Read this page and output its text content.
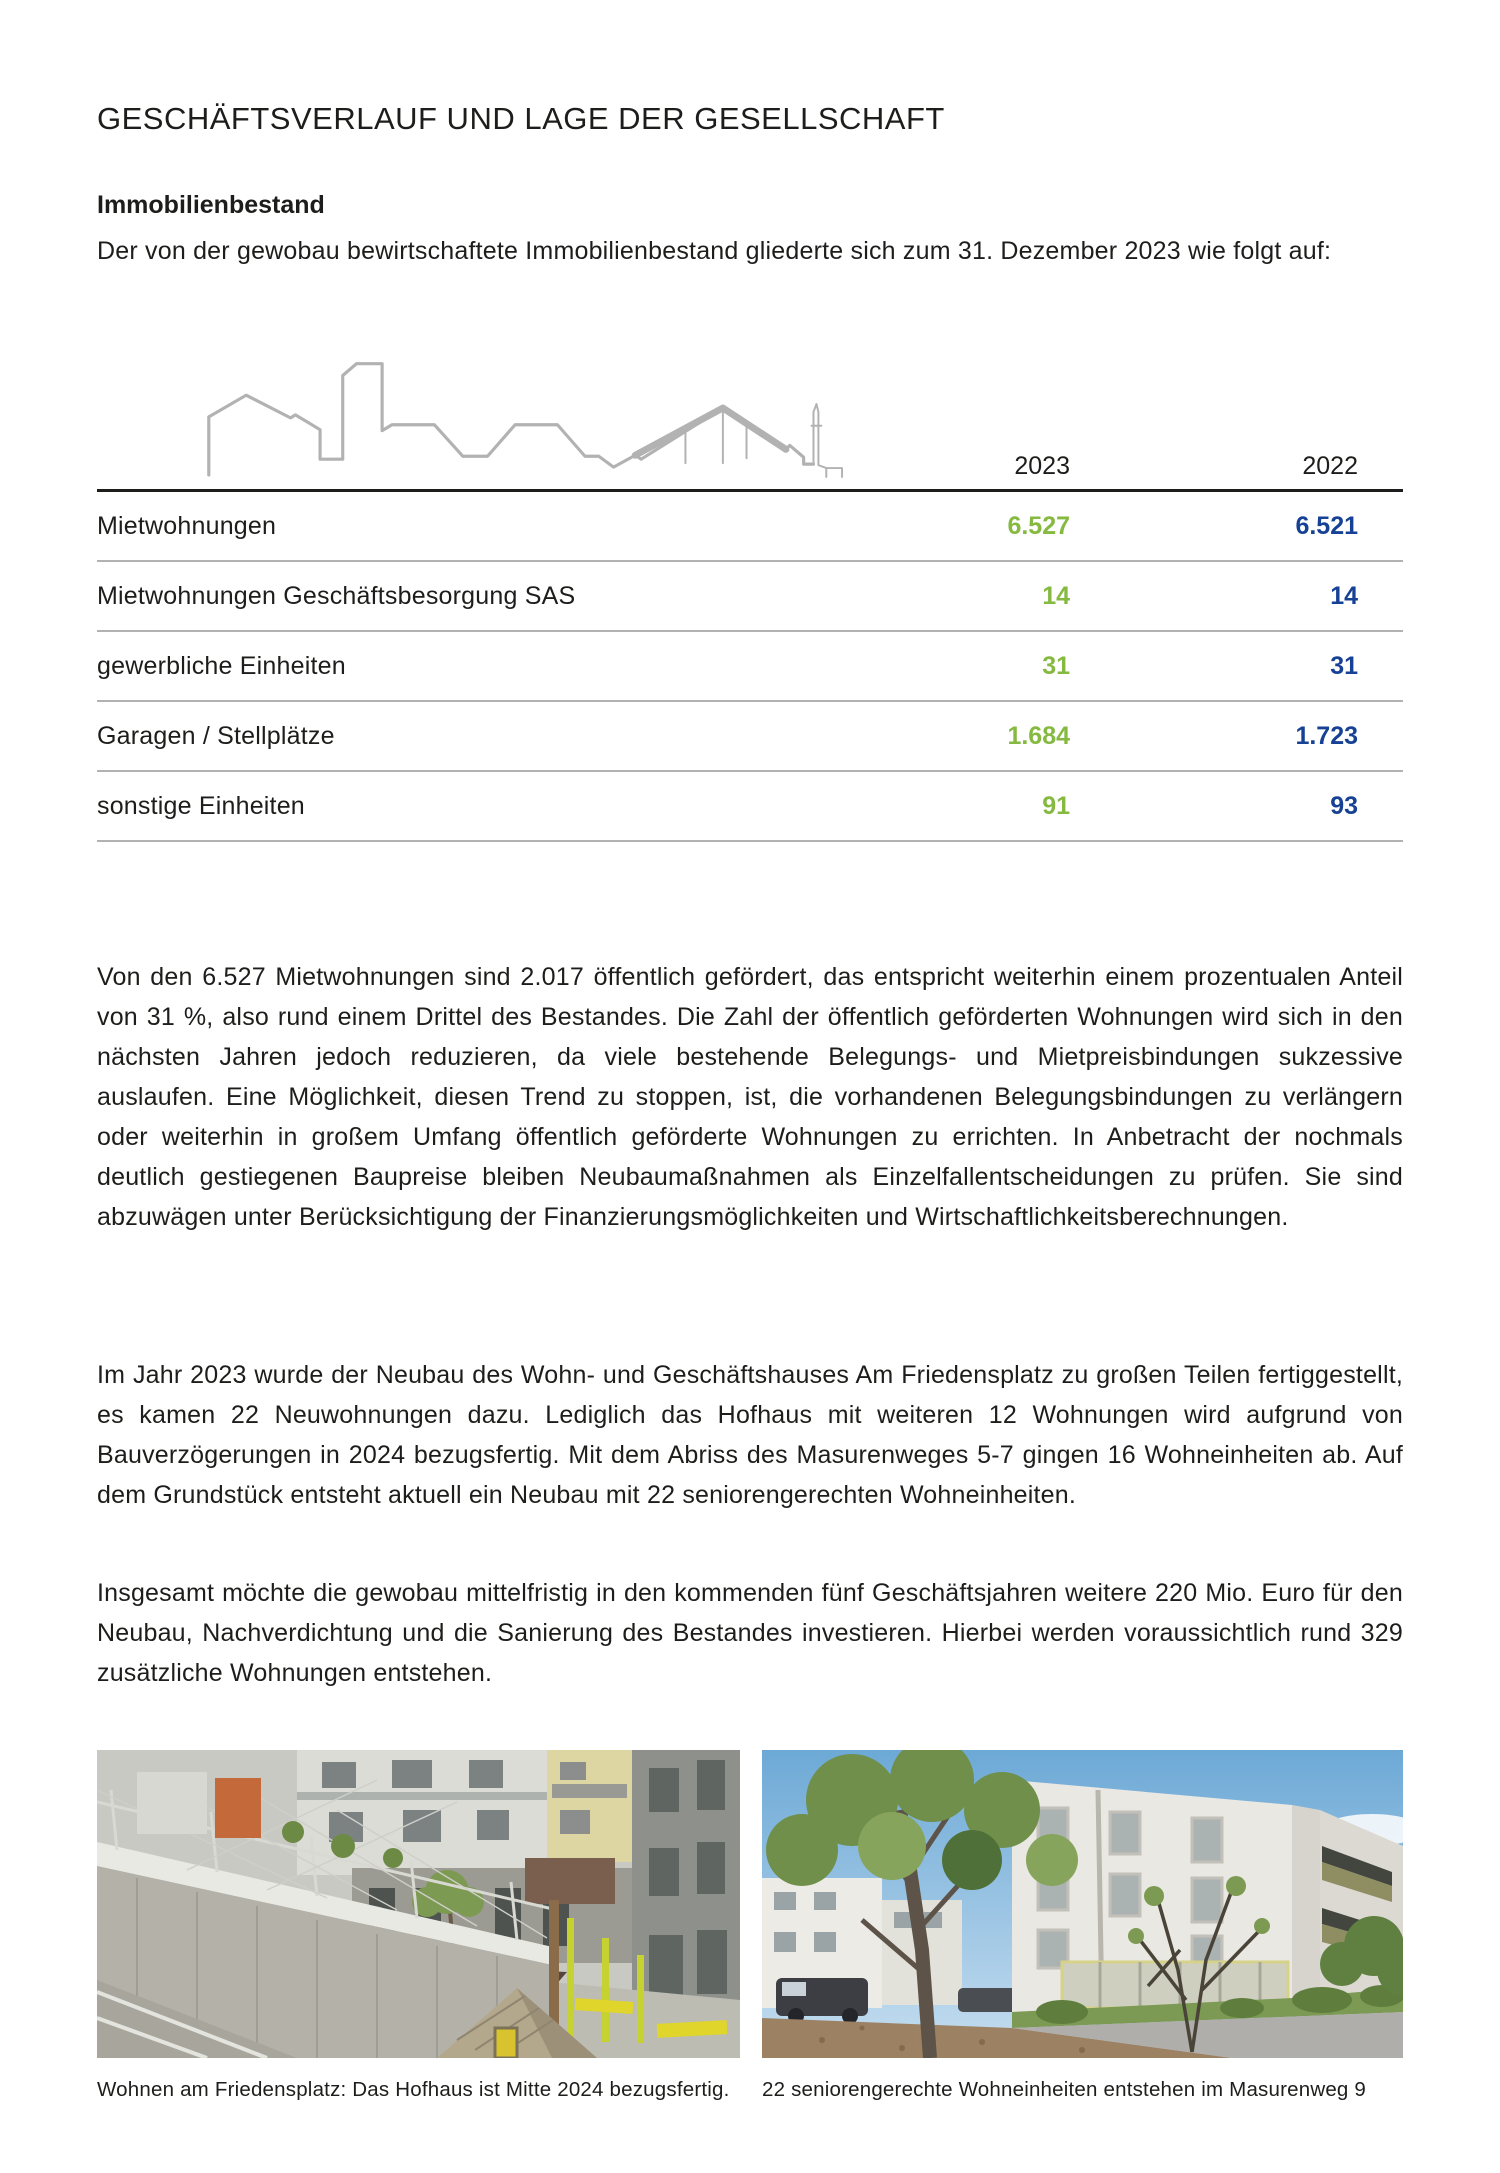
GESCHÄFTSVERLAUF UND LAGE DER GESELLSCHAFT
Immobilienbestand

Der von der gewobau bewirtschaftete Immobilienbestand gliederte sich zum 31. Dezember 2023 wie folgt auf:

2023	2022
Mietwohnungen	6.527	6.521
Mietwohnungen Geschäftsbesorgung SAS	14	14
gewerbliche Einheiten	31	31
Garagen / Stellplätze	1.684	1.723
sonstige Einheiten	91	93

Von den 6.527 Mietwohnungen sind 2.017 öffentlich gefördert, das entspricht weiterhin einem prozentualen Anteil von 31 %, also rund einem Drittel des Bestandes. Die Zahl der öffentlich geförderten Wohnungen wird sich in den nächsten Jahren jedoch reduzieren, da viele bestehende Belegungs- und Mietpreisbindungen sukzessive auslaufen. Eine Möglichkeit, diesen Trend zu stoppen, ist, die vorhandenen Belegungsbindungen zu verlängern oder weiterhin in großem Umfang öffentlich geförderte Wohnungen zu errichten. In Anbetracht der nochmals deutlich gestiegenen Baupreise bleiben Neubaumaßnahmen als Einzelfallentscheidungen zu prüfen. Sie sind abzuwägen unter Berücksichtigung der Finanzierungsmöglichkeiten und Wirtschaftlichkeitsberechnungen.

Im Jahr 2023 wurde der Neubau des Wohn- und Geschäftshauses Am Friedensplatz zu großen Teilen fertiggestellt, es kamen 22 Neuwohnungen dazu. Lediglich das Hofhaus mit weiteren 12 Wohnungen wird aufgrund von Bauverzögerungen in 2024 bezugsfertig. Mit dem Abriss des Masurenweges 5-7 gingen 16 Wohneinheiten ab. Auf dem Grundstück entsteht aktuell ein Neubau mit 22 seniorengerechten Wohneinheiten.

Insgesamt möchte die gewobau mittelfristig in den kommenden fünf Geschäftsjahren weitere 220 Mio. Euro für den Neubau, Nachverdichtung und die Sanierung des Bestandes investieren. Hierbei werden voraussichtlich rund 329 zusätzliche Wohnungen entstehen.

Wohnen am Friedensplatz: Das Hofhaus ist Mitte 2024 bezugsfertig.	22 seniorengerechte Wohneinheiten entstehen im Masurenweg 9
